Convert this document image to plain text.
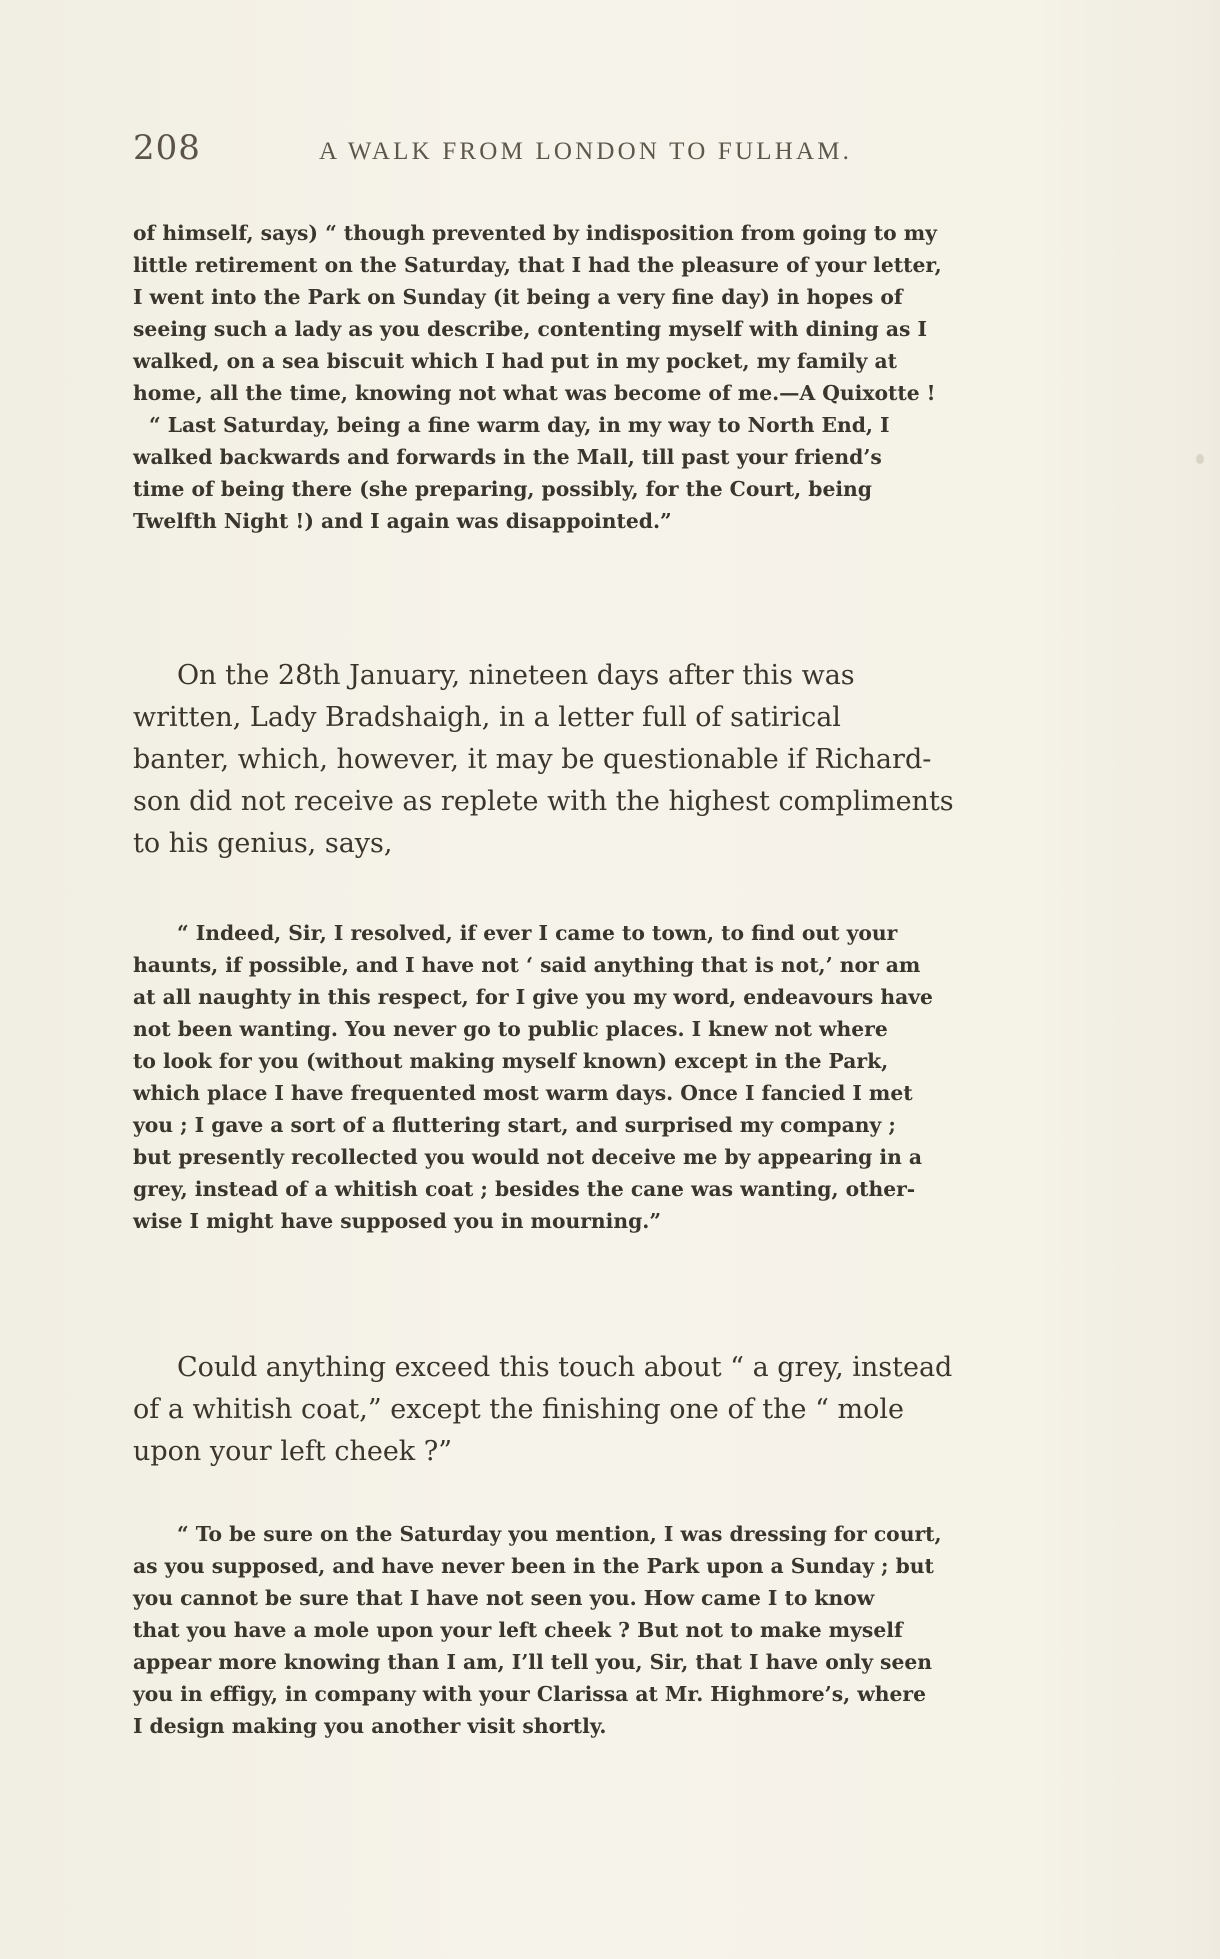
208	A WALK FROM LONDON TO FULHAM.
of himself, says) “ though prevented by indisposition from going to my
little retirement on the Saturday, that I had the pleasure of your letter,
I went into the Park on Sunday (it being a very fine day) in hopes of
seeing such a lady as you describe, contenting myself with dining as I
walked, on a sea biscuit which I had put in my pocket, my family at
home, all the time, knowing not what was become of me.—A Quixotte !
“ Last Saturday, being a fine warm day, in my way to North End, I
walked backwards and forwards in the Mall, till past your friend’s
time of being there (she preparing, possibly, for the Court, being
Twelfth Night !) and I again was disappointed.”
On the 28th January, nineteen days after this was
written, Lady Bradshaigh, in a letter full of satirical
banter, which, however, it may be questionable if Richard-
son did not receive as replete with the highest compliments
to his genius, says,
“ Indeed, Sir, I resolved, if ever I came to town, to find out your
haunts, if possible, and I have not ‘ said anything that is not,’ nor am
at all naughty in this respect, for I give you my word, endeavours have
not been wanting. You never go to public places. I knew not where
to look for you (without making myself known) except in the Park,
which place I have frequented most warm days. Once I fancied I met
you ; I gave a sort of a fluttering start, and surprised my company ;
but presently recollected you would not deceive me by appearing in a
grey, instead of a whitish coat ; besides the cane was wanting, other-
wise I might have supposed you in mourning.”
Could anything exceed this touch about “ a grey, instead
of a whitish coat,” except the finishing one of the “ mole
upon your left cheek ?”
“ To be sure on the Saturday you mention, I was dressing for court,
as you supposed, and have never been in the Park upon a Sunday ; but
you cannot be sure that I have not seen you. How came I to know
that you have a mole upon your left cheek ? But not to make myself
appear more knowing than I am, I’ll tell you, Sir, that I have only seen
you in effigy, in company with your Clarissa at Mr. Highmore’s, where
I design making you another visit shortly.
